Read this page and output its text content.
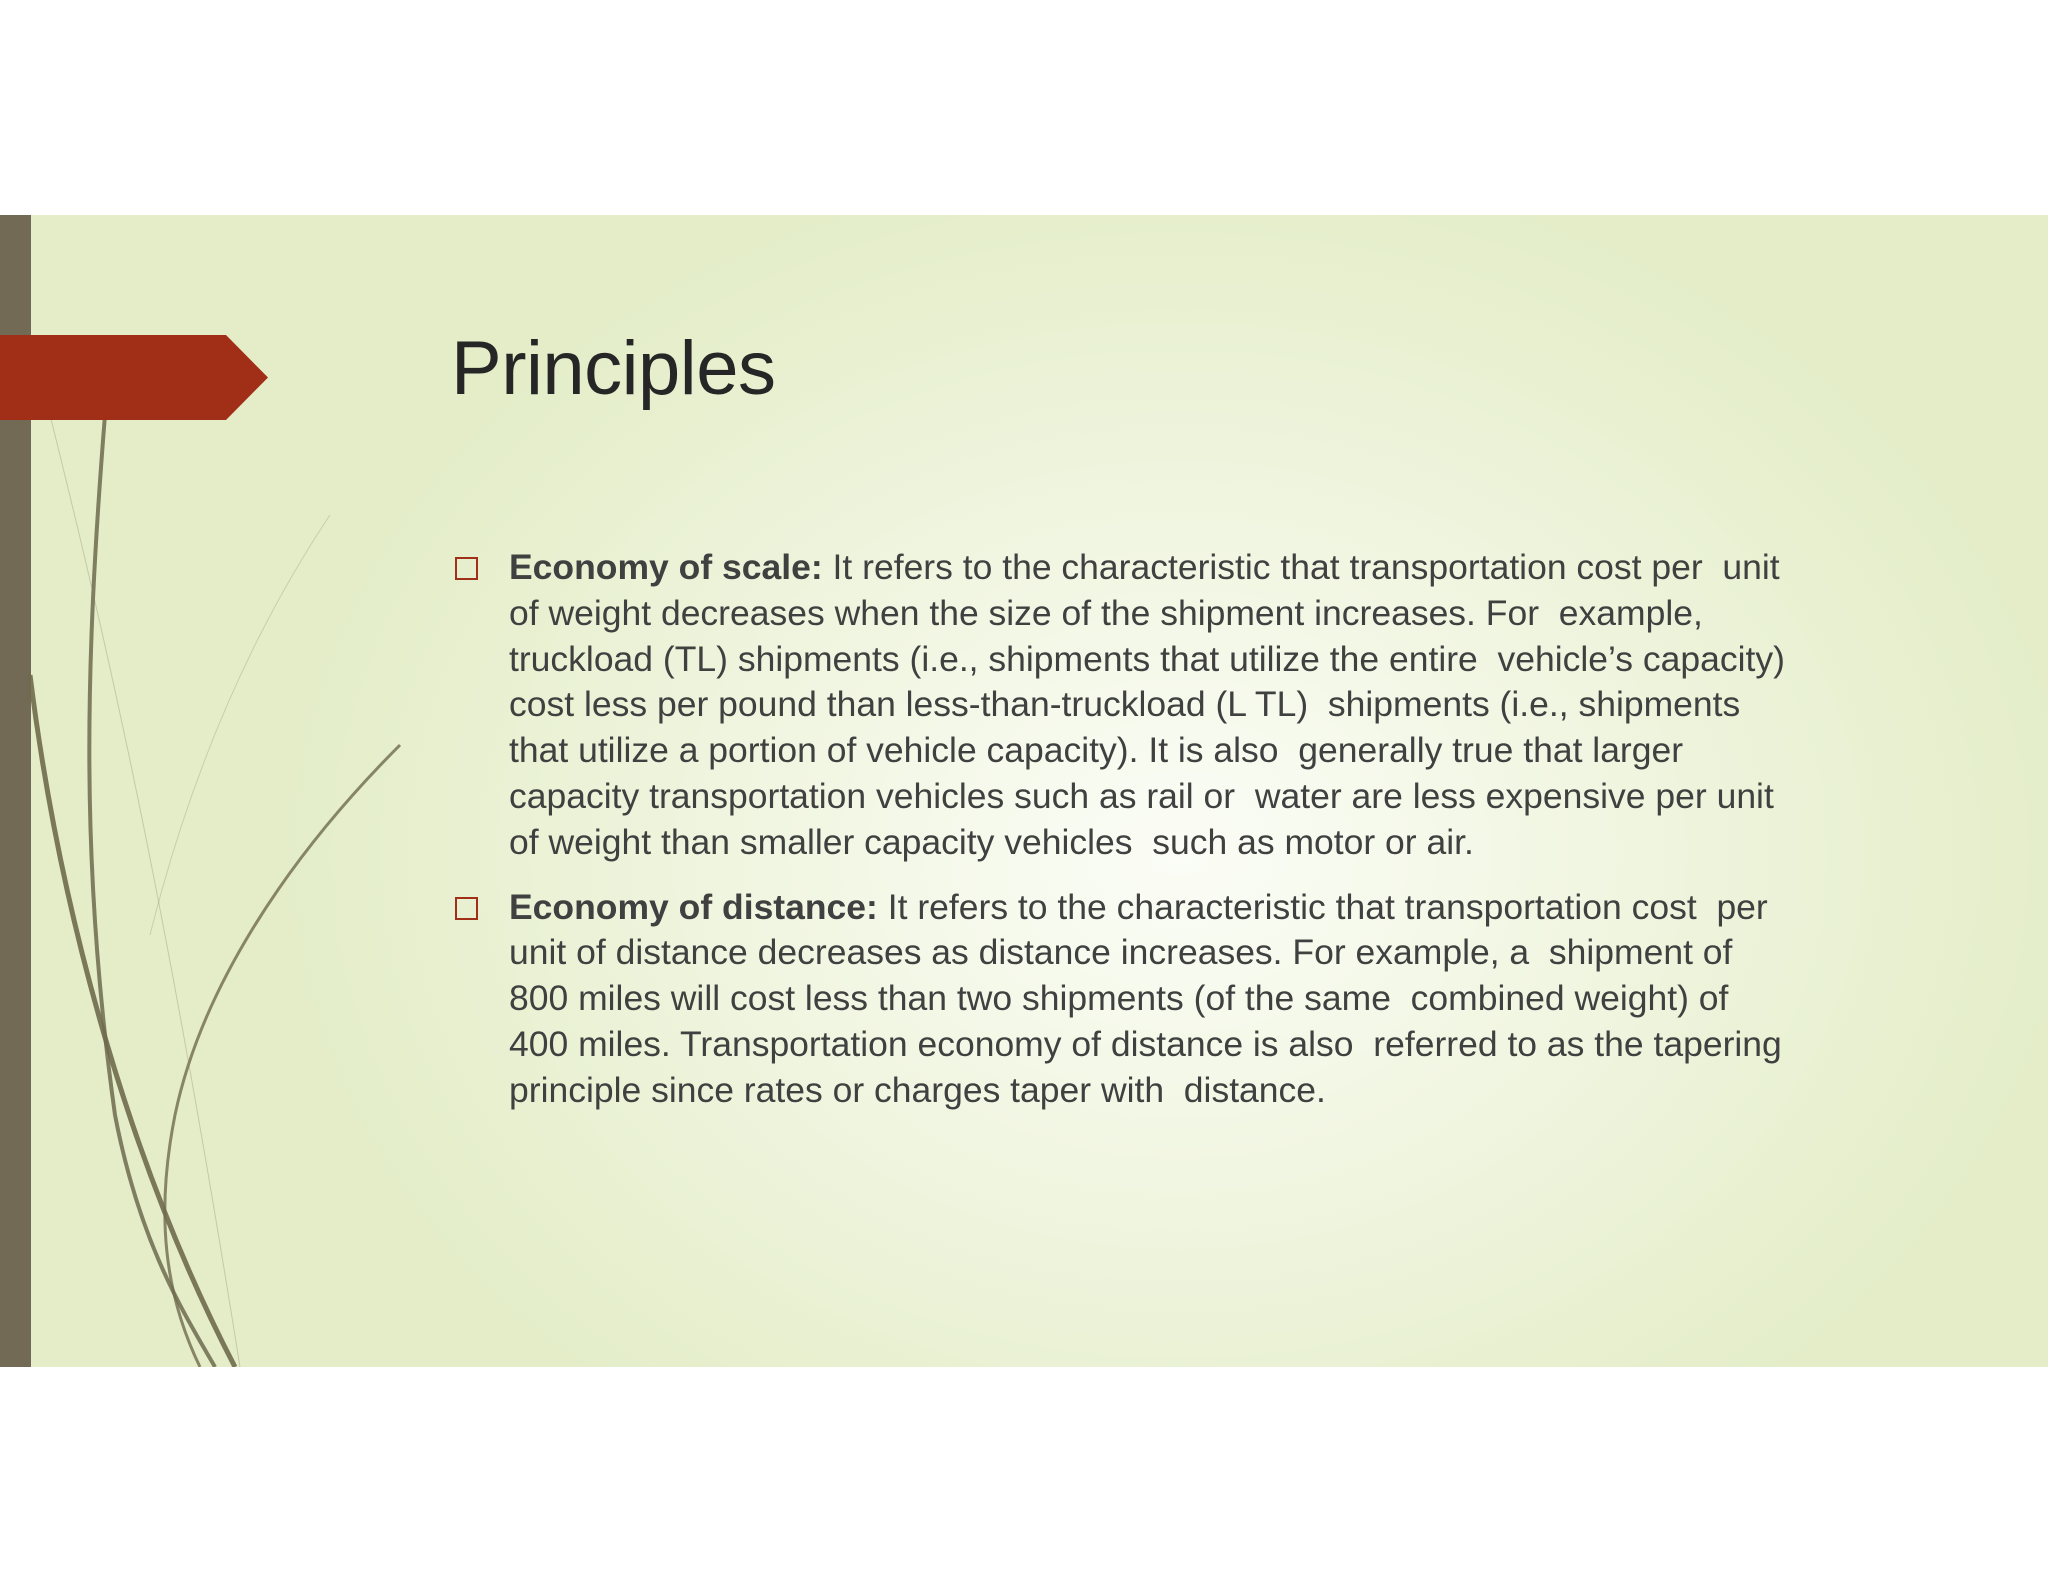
Principles
Economy of scale: It refers to the characteristic that transportation cost per  unit
of weight decreases when the size of the shipment increases. For  example,
truckload (TL) shipments (i.e., shipments that utilize the entire  vehicle’s capacity)
cost less per pound than less-than-truckload (L TL)  shipments (i.e., shipments
that utilize a portion of vehicle capacity). It is also  generally true that larger
capacity transportation vehicles such as rail or  water are less expensive per unit
of weight than smaller capacity vehicles  such as motor or air.
Economy of distance: It refers to the characteristic that transportation cost  per
unit of distance decreases as distance increases. For example, a  shipment of
800 miles will cost less than two shipments (of the same  combined weight) of
400 miles. Transportation economy of distance is also  referred to as the tapering
principle since rates or charges taper with  distance.
